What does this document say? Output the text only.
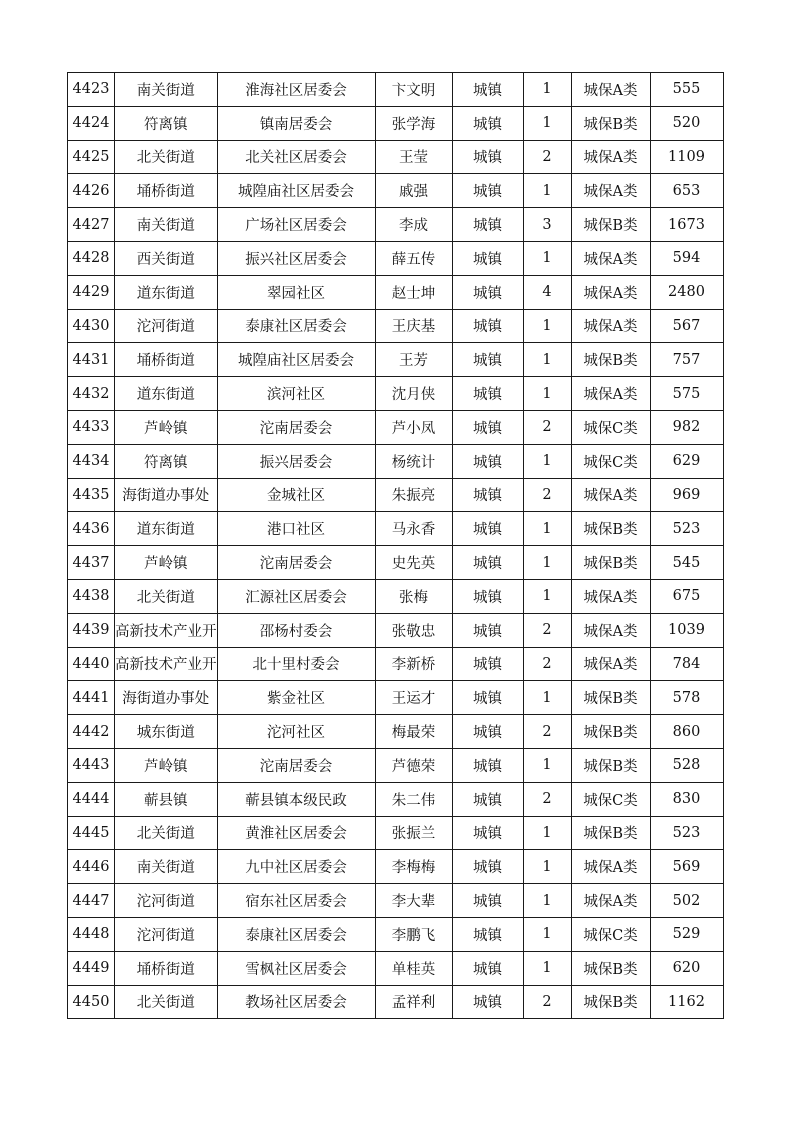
4423	南关街道	淮海社区居委会	卞文明	城镇	1	城保A类	555
4424	符离镇	镇南居委会	张学海	城镇	1	城保B类	520
4425	北关街道	北关社区居委会	王莹	城镇	2	城保A类	1109
4426	埇桥街道	城隍庙社区居委会	戚强	城镇	1	城保A类	653
4427	南关街道	广场社区居委会	李成	城镇	3	城保B类	1673
4428	西关街道	振兴社区居委会	薛五传	城镇	1	城保A类	594
4429	道东街道	翠园社区	赵士坤	城镇	4	城保A类	2480
4430	沱河街道	泰康社区居委会	王庆基	城镇	1	城保A类	567
4431	埇桥街道	城隍庙社区居委会	王芳	城镇	1	城保B类	757
4432	道东街道	滨河社区	沈月侠	城镇	1	城保A类	575
4433	芦岭镇	沱南居委会	芦小凤	城镇	2	城保C类	982
4434	符离镇	振兴居委会	杨统计	城镇	1	城保C类	629
4435	海街道办事处	金城社区	朱振亮	城镇	2	城保A类	969
4436	道东街道	港口社区	马永香	城镇	1	城保B类	523
4437	芦岭镇	沱南居委会	史先英	城镇	1	城保B类	545
4438	北关街道	汇源社区居委会	张梅	城镇	1	城保A类	675
4439	高新技术产业开	邵杨村委会	张敬忠	城镇	2	城保A类	1039
4440	高新技术产业开	北十里村委会	李新桥	城镇	2	城保A类	784
4441	海街道办事处	紫金社区	王运才	城镇	1	城保B类	578
4442	城东街道	沱河社区	梅最荣	城镇	2	城保B类	860
4443	芦岭镇	沱南居委会	芦德荣	城镇	1	城保B类	528
4444	蕲县镇	蕲县镇本级民政	朱二伟	城镇	2	城保C类	830
4445	北关街道	黄淮社区居委会	张振兰	城镇	1	城保B类	523
4446	南关街道	九中社区居委会	李梅梅	城镇	1	城保A类	569
4447	沱河街道	宿东社区居委会	李大辈	城镇	1	城保A类	502
4448	沱河街道	泰康社区居委会	李鹏飞	城镇	1	城保C类	529
4449	埇桥街道	雪枫社区居委会	单桂英	城镇	1	城保B类	620
4450	北关街道	教场社区居委会	孟祥利	城镇	2	城保B类	1162
